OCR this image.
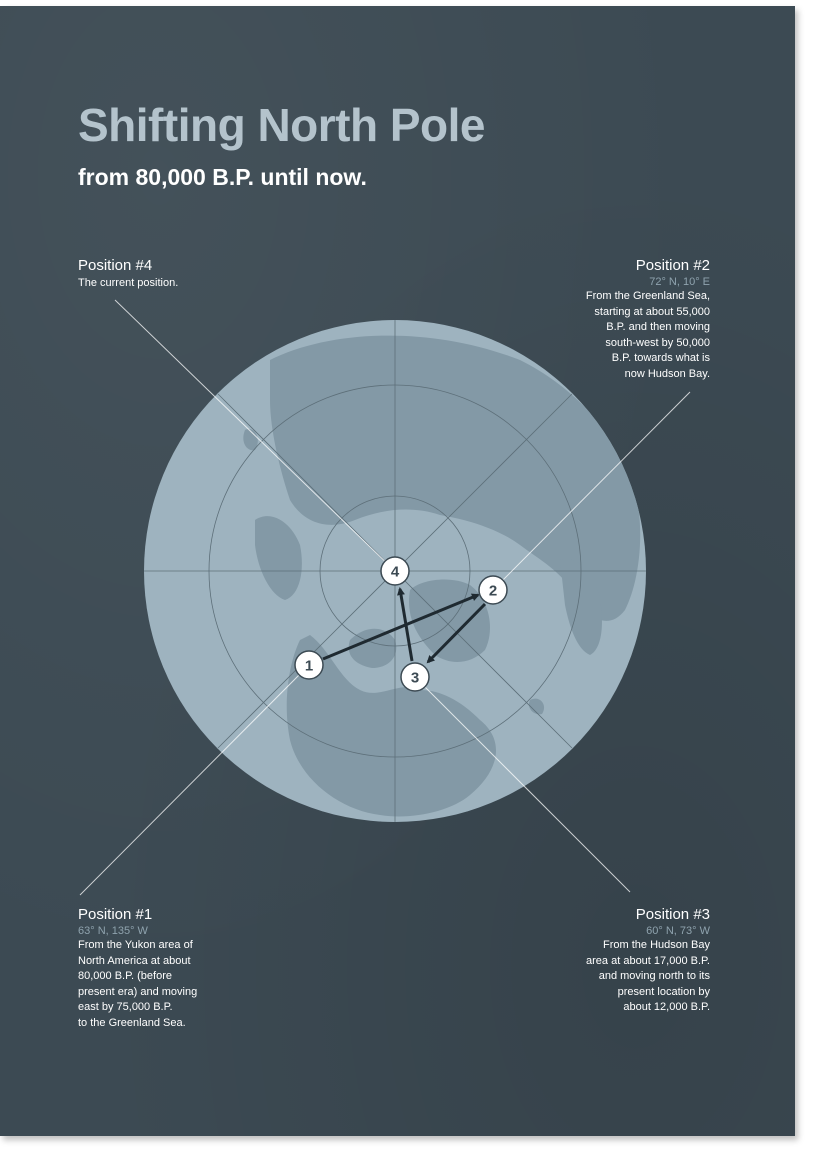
Shifting North Pole
from 80,000 B.P. until now.
1
2
3
4
Position #4
The current position.
Position #2
72° N, 10° E
From the Greenland Sea,
starting at about 55,000
B.P. and then moving
south-west by 50,000
B.P. towards what is
now Hudson Bay.
Position #1
63° N, 135° W
From the Yukon area of
North America at about
80,000 B.P. (before
present era) and moving
east by 75,000 B.P.
to the Greenland Sea.
Position #3
60° N, 73° W
From the Hudson Bay
area at about 17,000 B.P.
and moving north to its
present location by
about 12,000 B.P.
